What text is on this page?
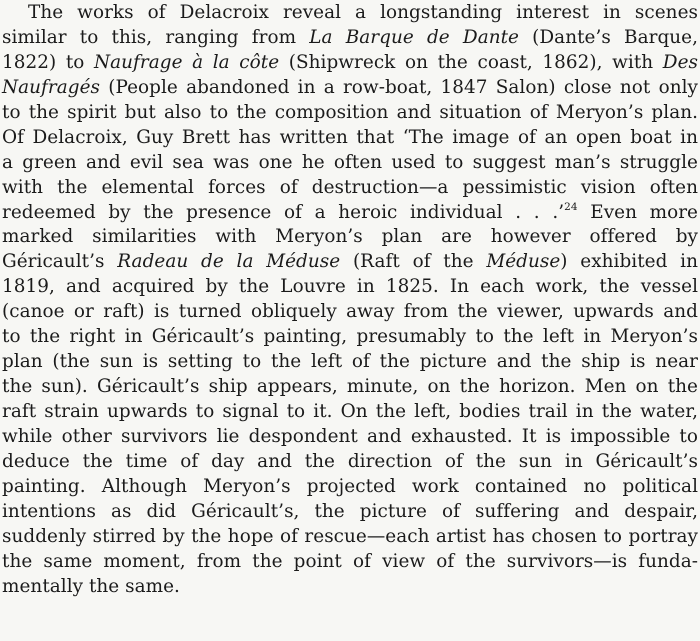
The works of Delacroix reveal a longstanding interest in scenes
similar to this, ranging from La Barque de Dante (Dante’s Barque,
1822) to Naufrage à la côte (Shipwreck on the coast, 1862), with Des
Naufragés (People abandoned in a row-boat, 1847 Salon) close not only
to the spirit but also to the composition and situation of Meryon’s plan.
Of Delacroix, Guy Brett has written that ‘The image of an open boat in
a green and evil sea was one he often used to suggest man’s struggle
with the elemental forces of destruction—a pessimistic vision often
redeemed by the presence of a heroic individual . . .’$^{24}$ Even more
marked similarities with Meryon’s plan are however offered by
Géricault’s Radeau de la Méduse (Raft of the Méduse) exhibited in
1819, and acquired by the Louvre in 1825. In each work, the vessel
(canoe or raft) is turned obliquely away from the viewer, upwards and
to the right in Géricault’s painting, presumably to the left in Meryon’s
plan (the sun is setting to the left of the picture and the ship is near
the sun). Géricault’s ship appears, minute, on the horizon. Men on the
raft strain upwards to signal to it. On the left, bodies trail in the water,
while other survivors lie despondent and exhausted. It is impossible to
deduce the time of day and the direction of the sun in Géricault’s
painting. Although Meryon’s projected work contained no political
intentions as did Géricault’s, the picture of suffering and despair,
suddenly stirred by the hope of rescue—each artist has chosen to portray
the same moment, from the point of view of the survivors—is funda-
mentally the same.
